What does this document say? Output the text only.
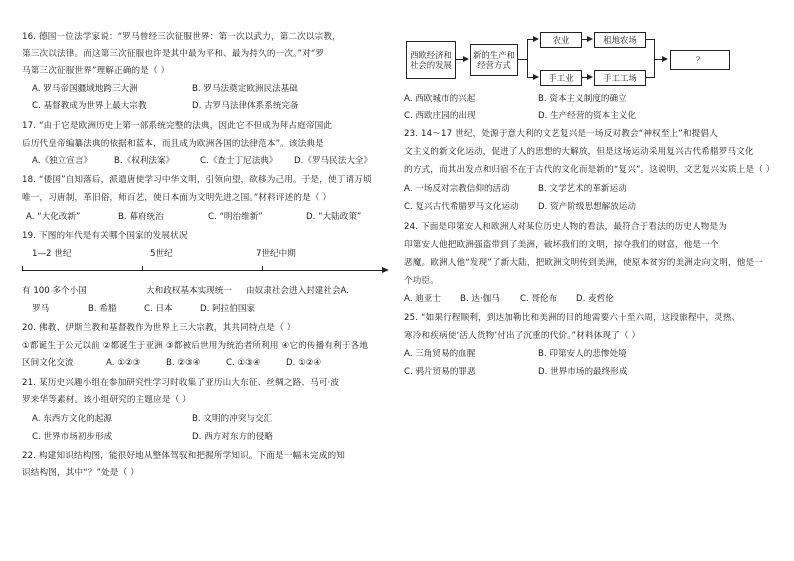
16. 德国一位法学家说：“罗马曾经三次征服世界：第一次以武力，第二次以宗教，
第三次以法律。而这第三次征服也许是其中最为平和、最为持久的一次。”对“罗
马第三次征服世界”理解正确的是（ ）
A. 罗马帝国疆域地跨三大洲	B. 罗马法奠定欧洲民法基础
C. 基督教成为世界上最大宗教	D. 古罗马法律体系系统完备
17. “由于它是欧洲历史上第一部系统完整的法典，因此它不但成为拜占庭帝国此
后历代皇帝编纂法典的依据和蓝本，而且成为欧洲各国的法律范本”。该法典是
A.《独立宣言》	B.《权利法案》	C.《查士丁尼法典》 D.《罗马民法大全》
18. “倭国”自知落后，派遣唐使学习中华文明，引领向望，欲移为己用。于是，使丁请万顷
唯一，习唐制，革旧俗，师百艺，使日本面为文明先进之国。”材料评述的是（ ）
A. “大化改新”	B. 幕府统治	C. “明治维新”	D. “大陆政策”
19. 下图的年代是有关哪个国家的发展状况
1—2 世纪	5世纪	7世纪中期
有 100 多个小国	大和政权基本实现统一 由奴隶社会进入封建社会A.
罗马	B. 希腊	C. 日本	D. 阿拉伯国家
20. 佛教、伊斯兰教和基督教作为世界上三大宗教，其共同特点是（ ）
①都诞生于公元以前 ②都诞生于亚洲 ③都被后世用为统治者所利用 ④它的传播有利于各地
区间文化交流	A. ①②③	B. ②③④	C. ①③④	D. ①②④
21. 某历史兴趣小组在参加研究性学习时收集了亚历山大东征、丝绸之路、马可·波
罗来华等素材。该小组研究的主题应是（ ）
A. 东西方文化的起源	B. 文明的冲突与交汇
C. 世界市场初步形成	D. 西方对东方的侵略
22. 构建知识结构图，能很好地从整体驾驭和把握所学知识。下面是一幅未完成的知
识结构图，其中“？”处是（ ）
西欧经济和社会的发展
新的生产和经营方式
农业
手工业
租地农场
手工工场
？
A. 西欧城市的兴起	B. 资本主义制度的确立
C. 西欧庄园的出现	D. 生产经营的资本主义化
23. 14～17 世纪，处源于意大利的文艺复兴是一场反对教会“神权至上”和提倡人
文主义的新文化运动，促进了人的思想的大解放，但是这场运动采用复兴古代希腊罗马文化
的方式，而其出发点和归宿不在于古代的文化而是新的“复兴”。这说明，文艺复兴实质上是（ ）
A. 一场反对宗教信仰的活动	B. 文学艺术的革新运动
C. 复兴古代希腊罗马文化运动 D. 资产阶级思想解放运动
24. 下面是印第安人和欧洲人对某位历史人物的看法，最符合于看法的历史人物是为
印第安人他把欧洲强盗带到了美洲，破坏我们的文明，掠夺我们的财富，他是一个
恶魔。欧洲人他“发现”了新大陆，把欧洲文明传到美洲，使原本贫穷的美洲走向文明，他是一
个功臣。
A. 迪亚士 B. 达·伽马 C. 哥伦布 D. 麦哲伦
25. “如果行程顺利，到达加勒比和美洲的目的地需要六十至六周，这段旅程中，灵热、
寒冷和疾病使‘活人货物’付出了沉重的代价。”材料体现了（ ）
A. 三角贸易的血腥	B. 印第安人的悲惨处境
C. 鸦片贸易的罪恶	D. 世界市场的最终形成
